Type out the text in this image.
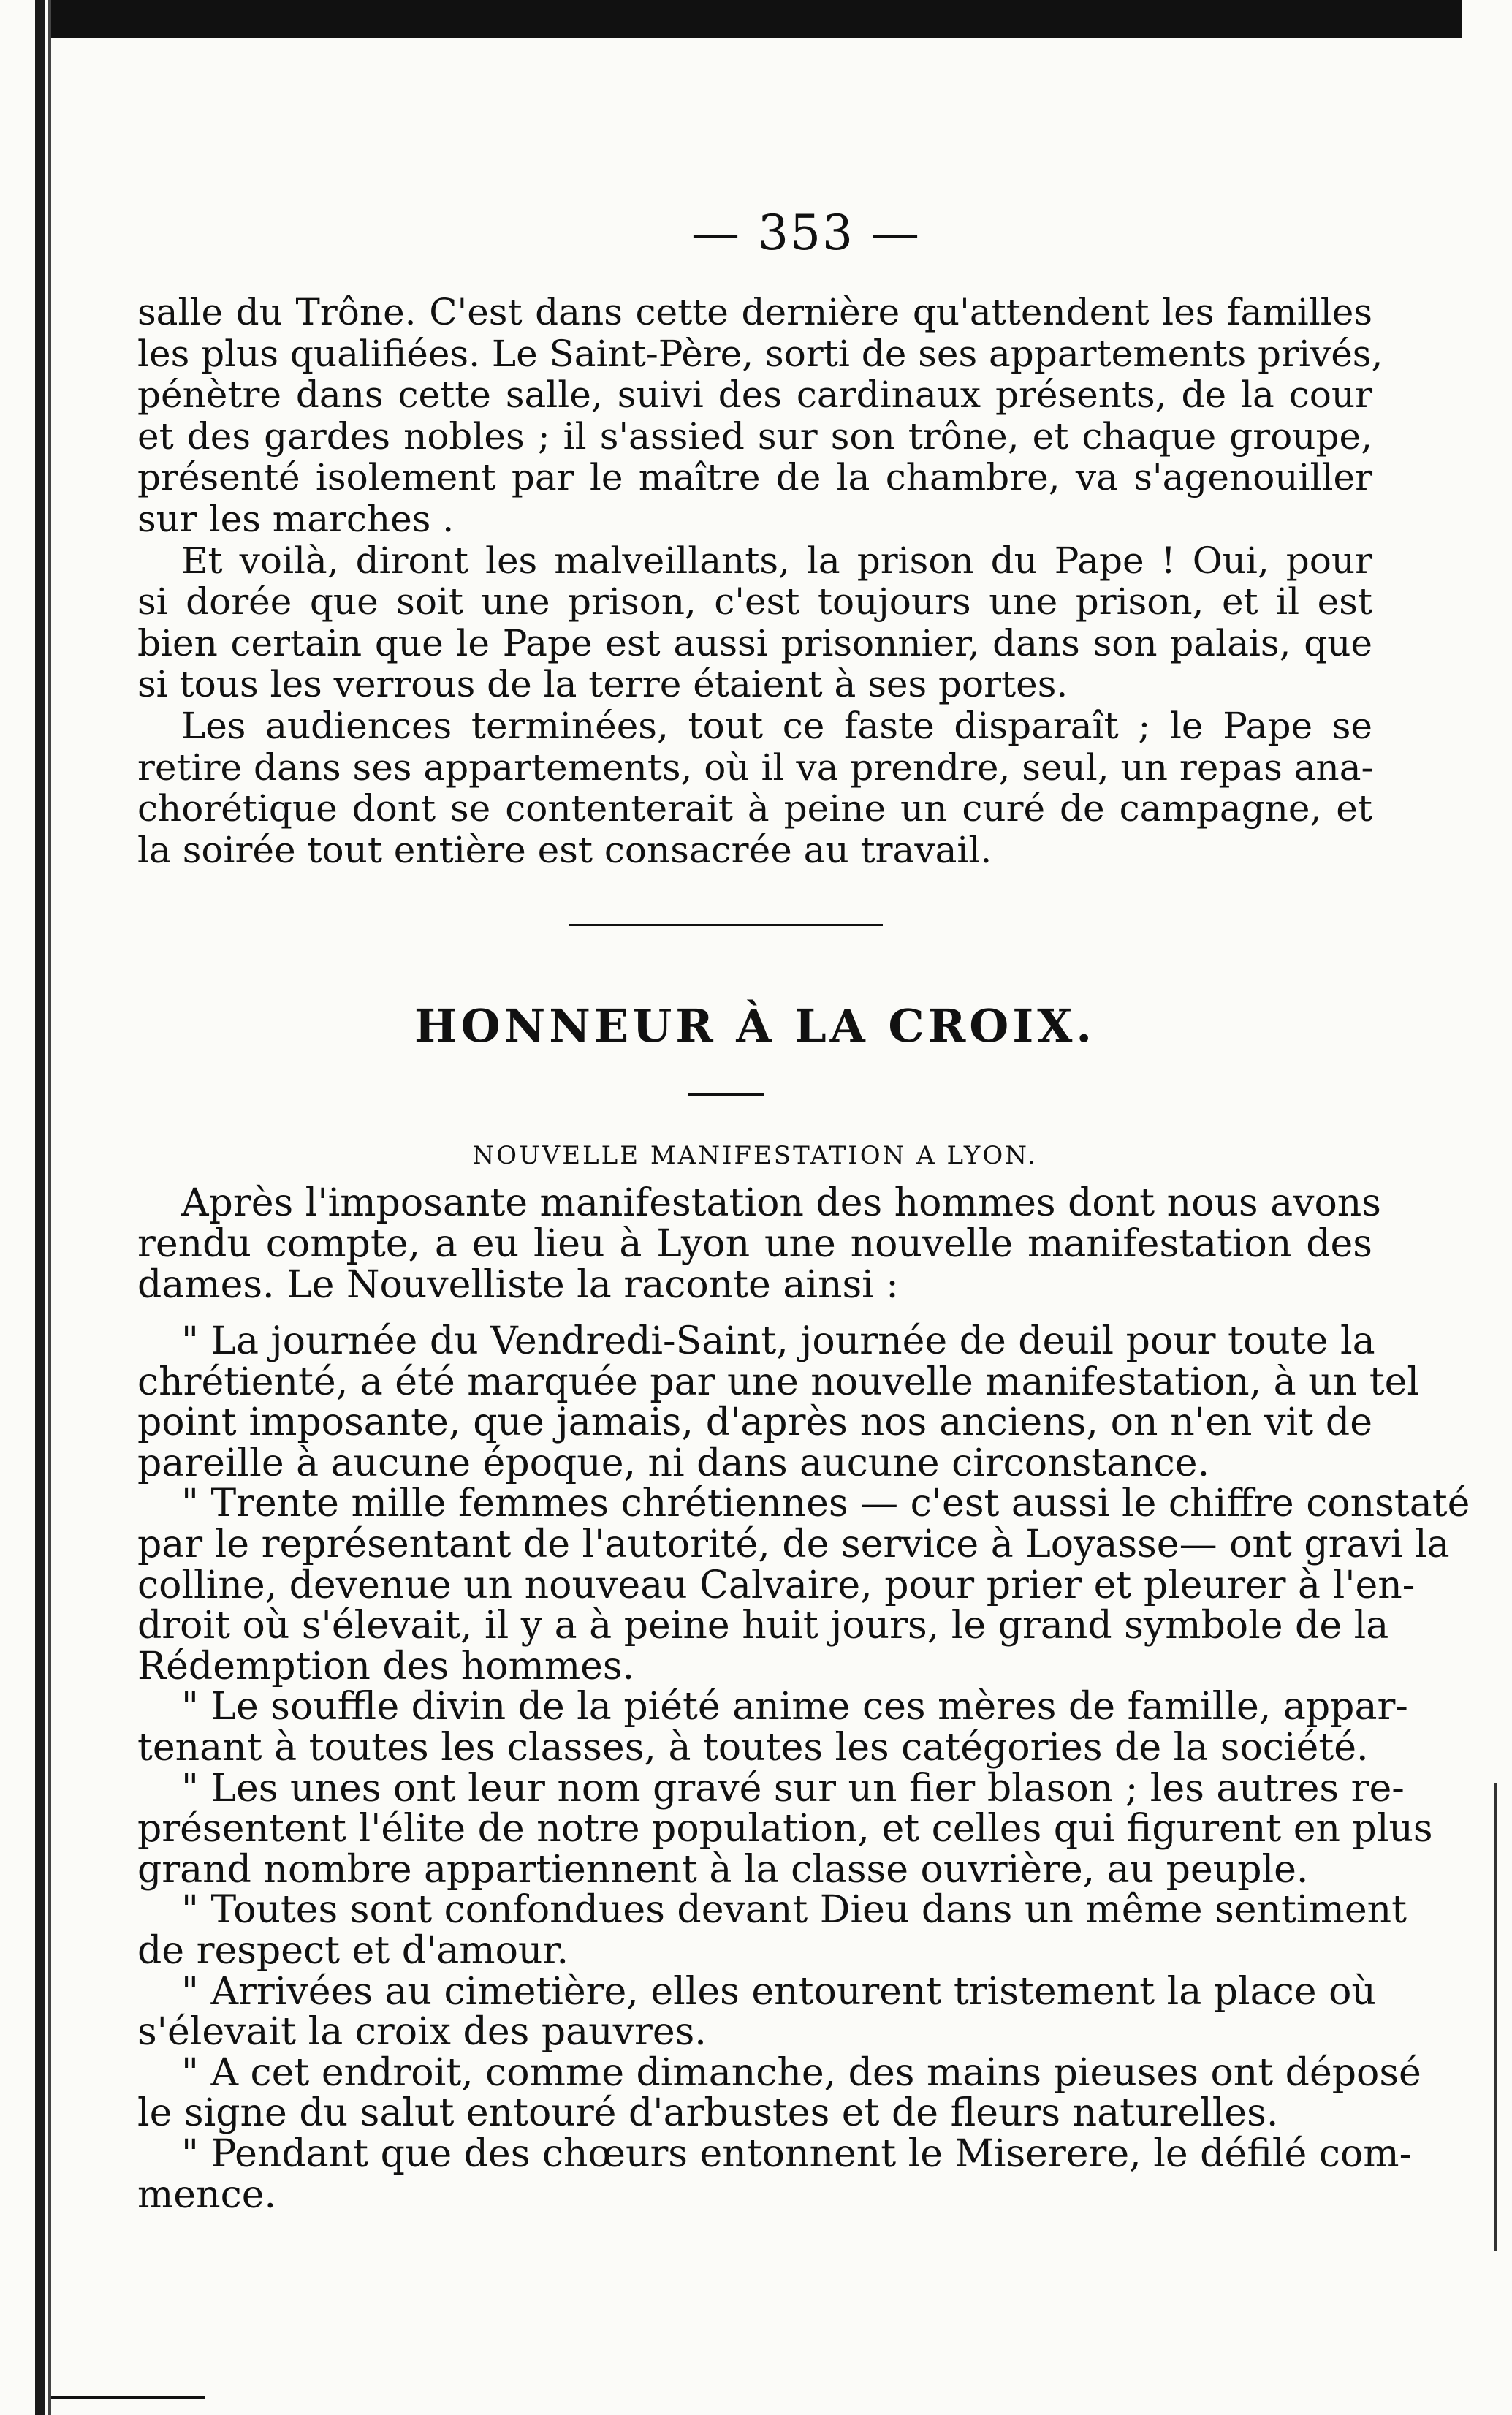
— 353 —
salle du Trône. C'est dans cette dernière qu'attendent les familles
les plus qualifiées. Le Saint-Père, sorti de ses appartements privés,
pénètre dans cette salle, suivi des cardinaux présents, de la cour
et des gardes nobles ; il s'assied sur son trône, et chaque groupe,
présenté isolement par le maître de la chambre, va s'agenouiller
sur les marches .
Et voilà, diront les malveillants, la prison du Pape ! Oui, pour
si dorée que soit une prison, c'est toujours une prison, et il est
bien certain que le Pape est aussi prisonnier, dans son palais, que
si tous les verrous de la terre étaient à ses portes.
Les audiences terminées, tout ce faste disparaît ; le Pape se
retire dans ses appartements, où il va prendre, seul, un repas ana-
chorétique dont se contenterait à peine un curé de campagne, et
la soirée tout entière est consacrée au travail.
HONNEUR À LA CROIX.
NOUVELLE MANIFESTATION A LYON.
Après l'imposante manifestation des hommes dont nous avons
rendu compte, a eu lieu à Lyon une nouvelle manifestation des
dames. Le Nouvelliste la raconte ainsi :
" La journée du Vendredi-Saint, journée de deuil pour toute la
chrétienté, a été marquée par une nouvelle manifestation, à un tel
point imposante, que jamais, d'après nos anciens, on n'en vit de
pareille à aucune époque, ni dans aucune circonstance.
" Trente mille femmes chrétiennes — c'est aussi le chiffre constaté
par le représentant de l'autorité, de service à Loyasse— ont gravi la
colline, devenue un nouveau Calvaire, pour prier et pleurer à l'en-
droit où s'élevait, il y a à peine huit jours, le grand symbole de la
Rédemption des hommes.
" Le souffle divin de la piété anime ces mères de famille, appar-
tenant à toutes les classes, à toutes les catégories de la société.
" Les unes ont leur nom gravé sur un fier blason ; les autres re-
présentent l'élite de notre population, et celles qui figurent en plus
grand nombre appartiennent à la classe ouvrière, au peuple.
" Toutes sont confondues devant Dieu dans un même sentiment
de respect et d'amour.
" Arrivées au cimetière, elles entourent tristement la place où
s'élevait la croix des pauvres.
" A cet endroit, comme dimanche, des mains pieuses ont déposé
le signe du salut entouré d'arbustes et de fleurs naturelles.
" Pendant que des chœurs entonnent le Miserere, le défilé com-
mence.
